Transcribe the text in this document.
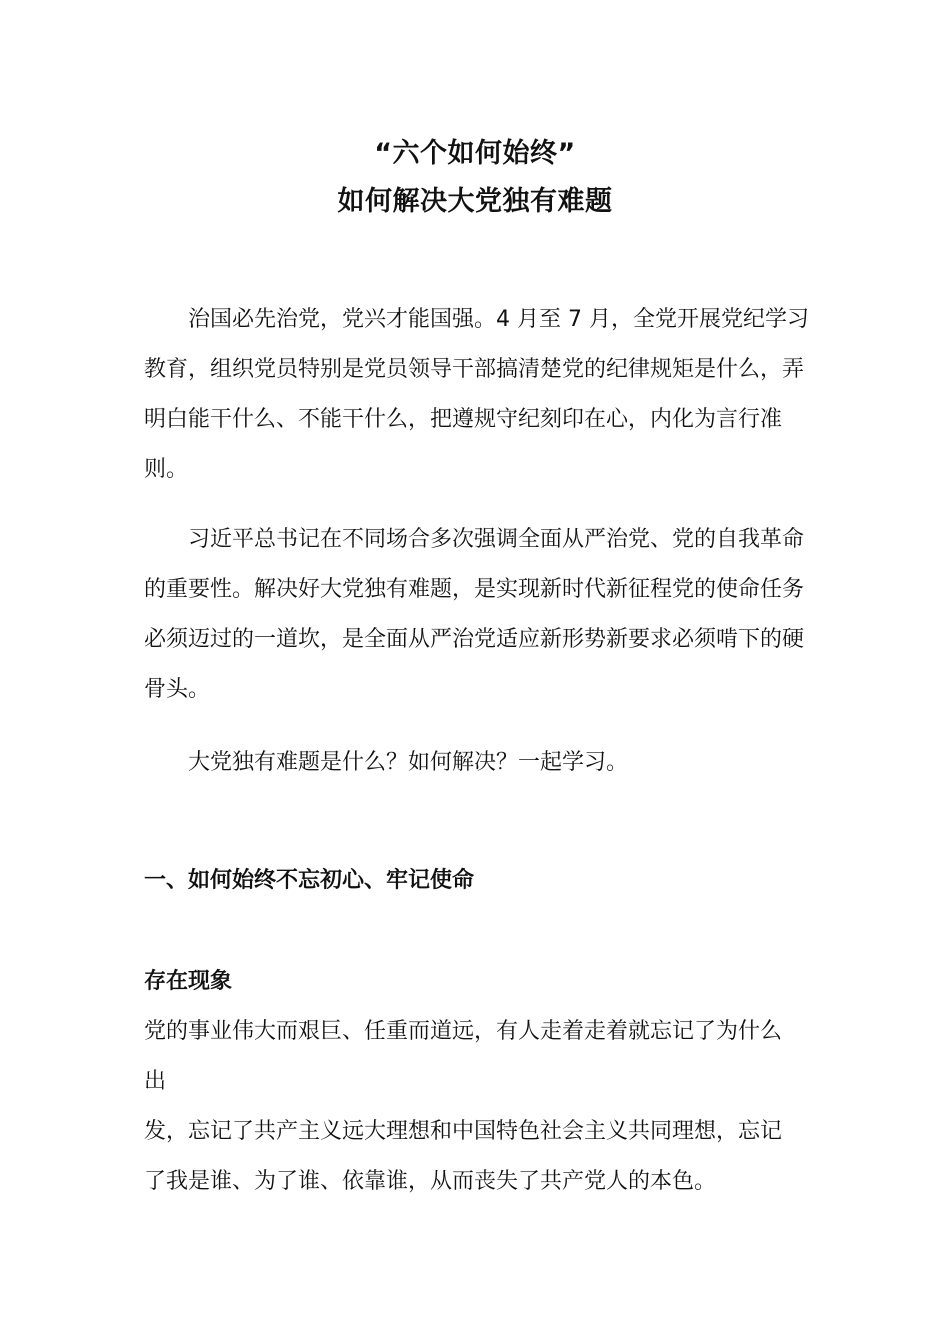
“六个如何始终”
如何解决大党独有难题

治国必先治党，党兴才能国强。4 月至 7 月，全党开展党纪学习教育，组织党员特别是党员领导干部搞清楚党的纪律规矩是什么，弄明白能干什么、不能干什么，把遵规守纪刻印在心，内化为言行准则。

习近平总书记在不同场合多次强调全面从严治党、党的自我革命的重要性。解决好大党独有难题，是实现新时代新征程党的使命任务必须迈过的一道坎，是全面从严治党适应新形势新要求必须啃下的硬骨头。

大党独有难题是什么？如何解决？一起学习。

一、如何始终不忘初心、牢记使命

存在现象

党的事业伟大而艰巨、任重而道远，有人走着走着就忘记了为什么

出

发，忘记了共产主义远大理想和中国特色社会主义共同理想，忘记

了我是谁、为了谁、依靠谁，从而丧失了共产党人的本色。
